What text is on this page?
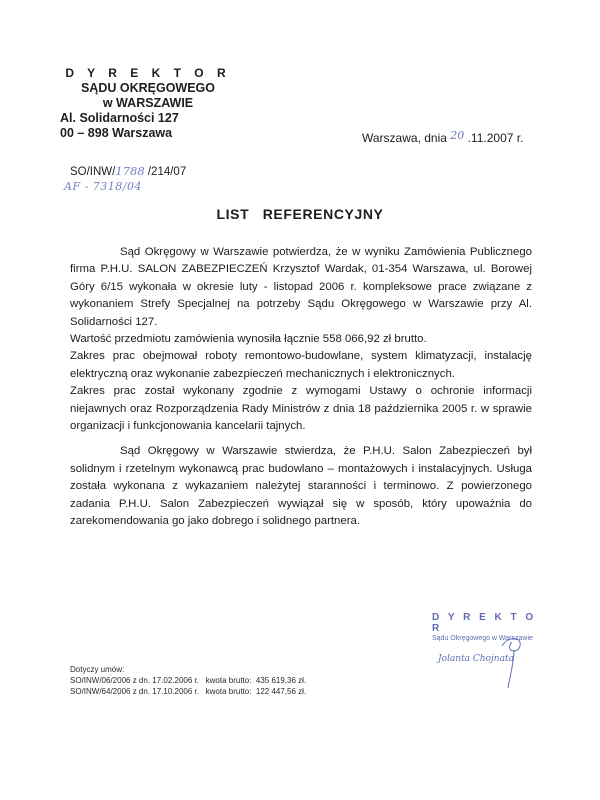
D Y R E K T O R
SĄDU OKRĘGOWEGO
w WARSZAWIE
Al. Solidarności 127
00 – 898 Warszawa	Warszawa, dnia 20 .11.2007 r.
SO/INW/1788 /214/07
AF - 7318/04
LIST REFERENCYJNY

Sąd Okręgowy w Warszawie potwierdza, że w wyniku Zamówienia Publicznego firma P.H.U. SALON ZABEZPIECZEŃ Krzysztof Wardak, 01-354 Warszawa, ul. Borowej Góry 6/15 wykonała w okresie luty - listopad 2006 r. kompleksowe prace związane z wykonaniem Strefy Specjalnej na potrzeby Sądu Okręgowego w Warszawie przy Al. Solidarności 127.

Wartość przedmiotu zamówienia wynosiła łącznie 558 066,92 zł brutto.

Zakres prac obejmował roboty remontowo-budowlane, system klimatyzacji, instalację elektryczną oraz wykonanie zabezpieczeń mechanicznych i elektronicznych.

Zakres prac został wykonany zgodnie z wymogami Ustawy o ochronie informacji niejawnych oraz Rozporządzenia Rady Ministrów z dnia 18 października 2005 r. w sprawie organizacji i funkcjonowania kancelarii tajnych.

Sąd Okręgowy w Warszawie stwierdza, że P.H.U. Salon Zabezpieczeń był solidnym i rzetelnym wykonawcą prac budowlano – montażowych i instalacyjnych. Usługa została wykonana z wykazaniem należytej staranności i terminowo. Z powierzonego zadania P.H.U. Salon Zabezpieczeń wywiązał się w sposób, który upoważnia do zarekomendowania go jako dobrego i solidnego partnera.

D Y R E K T O R
Sądu Okręgowego w Warszawie
Jolanta Chojnata
Dotyczy umów:
SO/INW/06/2006 z dn. 17.02.2006 r.   kwota brutto:  435 619,36 zł.
SO/INW/64/2006 z dn. 17.10.2006 r.   kwota brutto:  122 447,56 zł.
